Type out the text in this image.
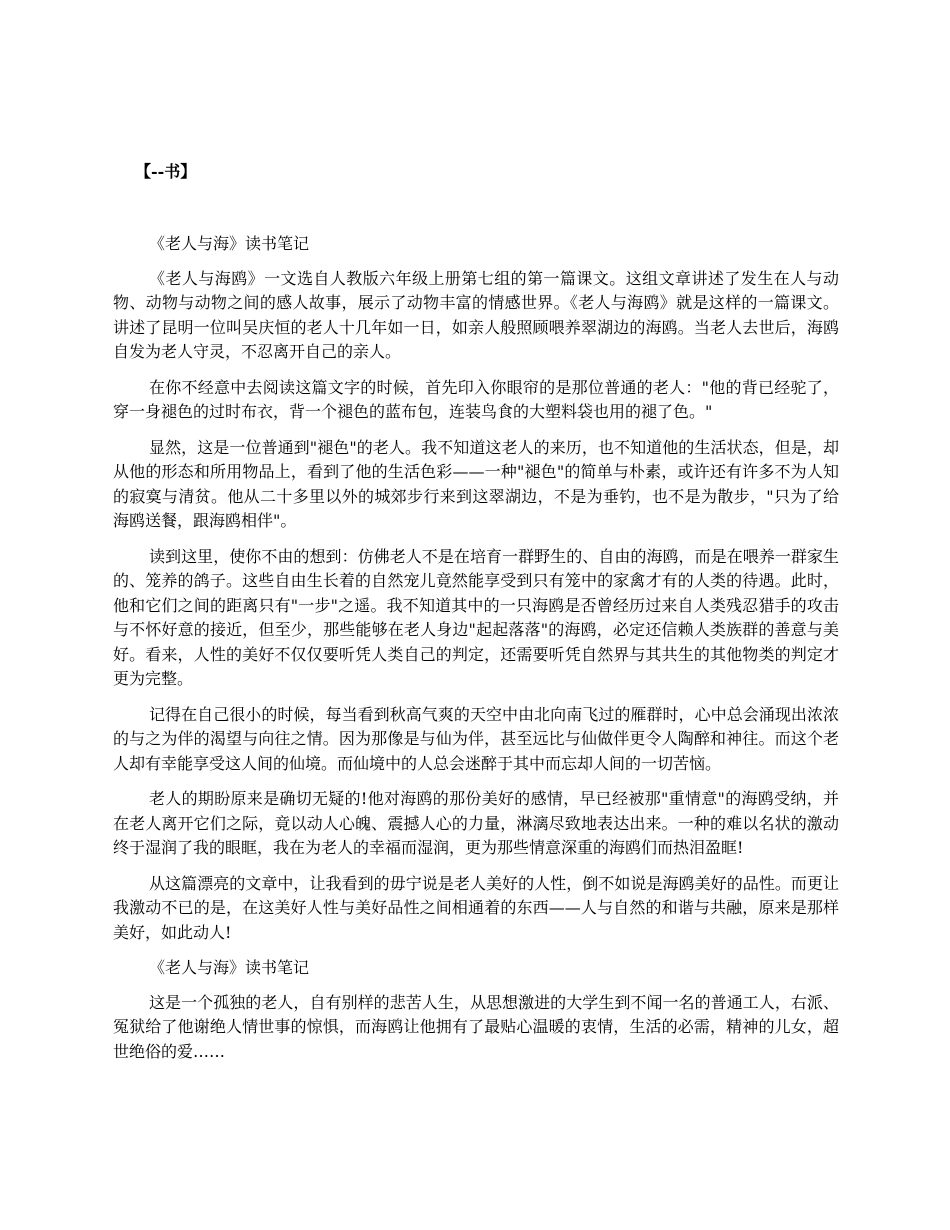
【--书】

《老人与海》读书笔记

《老人与海鸥》一文选自人教版六年级上册第七组的第一篇课文。这组文章讲述了发生在人与动物、动物与动物之间的感人故事，展示了动物丰富的情感世界。《老人与海鸥》就是这样的一篇课文。讲述了昆明一位叫吴庆恒的老人十几年如一日，如亲人般照顾喂养翠湖边的海鸥。当老人去世后，海鸥自发为老人守灵，不忍离开自己的亲人。

在你不经意中去阅读这篇文字的时候，首先印入你眼帘的是那位普通的老人："他的背已经驼了，穿一身褪色的过时布衣，背一个褪色的蓝布包，连装鸟食的大塑料袋也用的褪了色。"

显然，这是一位普通到"褪色"的老人。我不知道这老人的来历，也不知道他的生活状态，但是，却从他的形态和所用物品上，看到了他的生活色彩——一种"褪色"的简单与朴素，或许还有许多不为人知的寂寞与清贫。他从二十多里以外的城郊步行来到这翠湖边，不是为垂钓，也不是为散步，"只为了给海鸥送餐，跟海鸥相伴"。

读到这里，使你不由的想到：仿佛老人不是在培育一群野生的、自由的海鸥，而是在喂养一群家生的、笼养的鸽子。这些自由生长着的自然宠儿竟然能享受到只有笼中的家禽才有的人类的待遇。此时，他和它们之间的距离只有"一步"之遥。我不知道其中的一只海鸥是否曾经历过来自人类残忍猎手的攻击与不怀好意的接近，但至少，那些能够在老人身边"起起落落"的海鸥，必定还信赖人类族群的善意与美好。看来，人性的美好不仅仅要听凭人类自己的判定，还需要听凭自然界与其共生的其他物类的判定才更为完整。

记得在自己很小的时候，每当看到秋高气爽的天空中由北向南飞过的雁群时，心中总会涌现出浓浓的与之为伴的渴望与向往之情。因为那像是与仙为伴，甚至远比与仙做伴更令人陶醉和神往。而这个老人却有幸能享受这人间的仙境。而仙境中的人总会迷醉于其中而忘却人间的一切苦恼。

老人的期盼原来是确切无疑的!他对海鸥的那份美好的感情，早已经被那"重情意"的海鸥受纳，并在老人离开它们之际，竟以动人心魄、震撼人心的力量，淋漓尽致地表达出来。一种的难以名状的激动终于湿润了我的眼眶，我在为老人的幸福而湿润，更为那些情意深重的海鸥们而热泪盈眶!

从这篇漂亮的文章中，让我看到的毋宁说是老人美好的人性，倒不如说是海鸥美好的品性。而更让我激动不已的是，在这美好人性与美好品性之间相通着的东西——人与自然的和谐与共融，原来是那样美好，如此动人!

《老人与海》读书笔记

这是一个孤独的老人，自有别样的悲苦人生，从思想激进的大学生到不闻一名的普通工人，右派、冤狱给了他谢绝人情世事的惊惧，而海鸥让他拥有了最贴心温暖的衷情，生活的必需，精神的儿女，超世绝俗的爱……
